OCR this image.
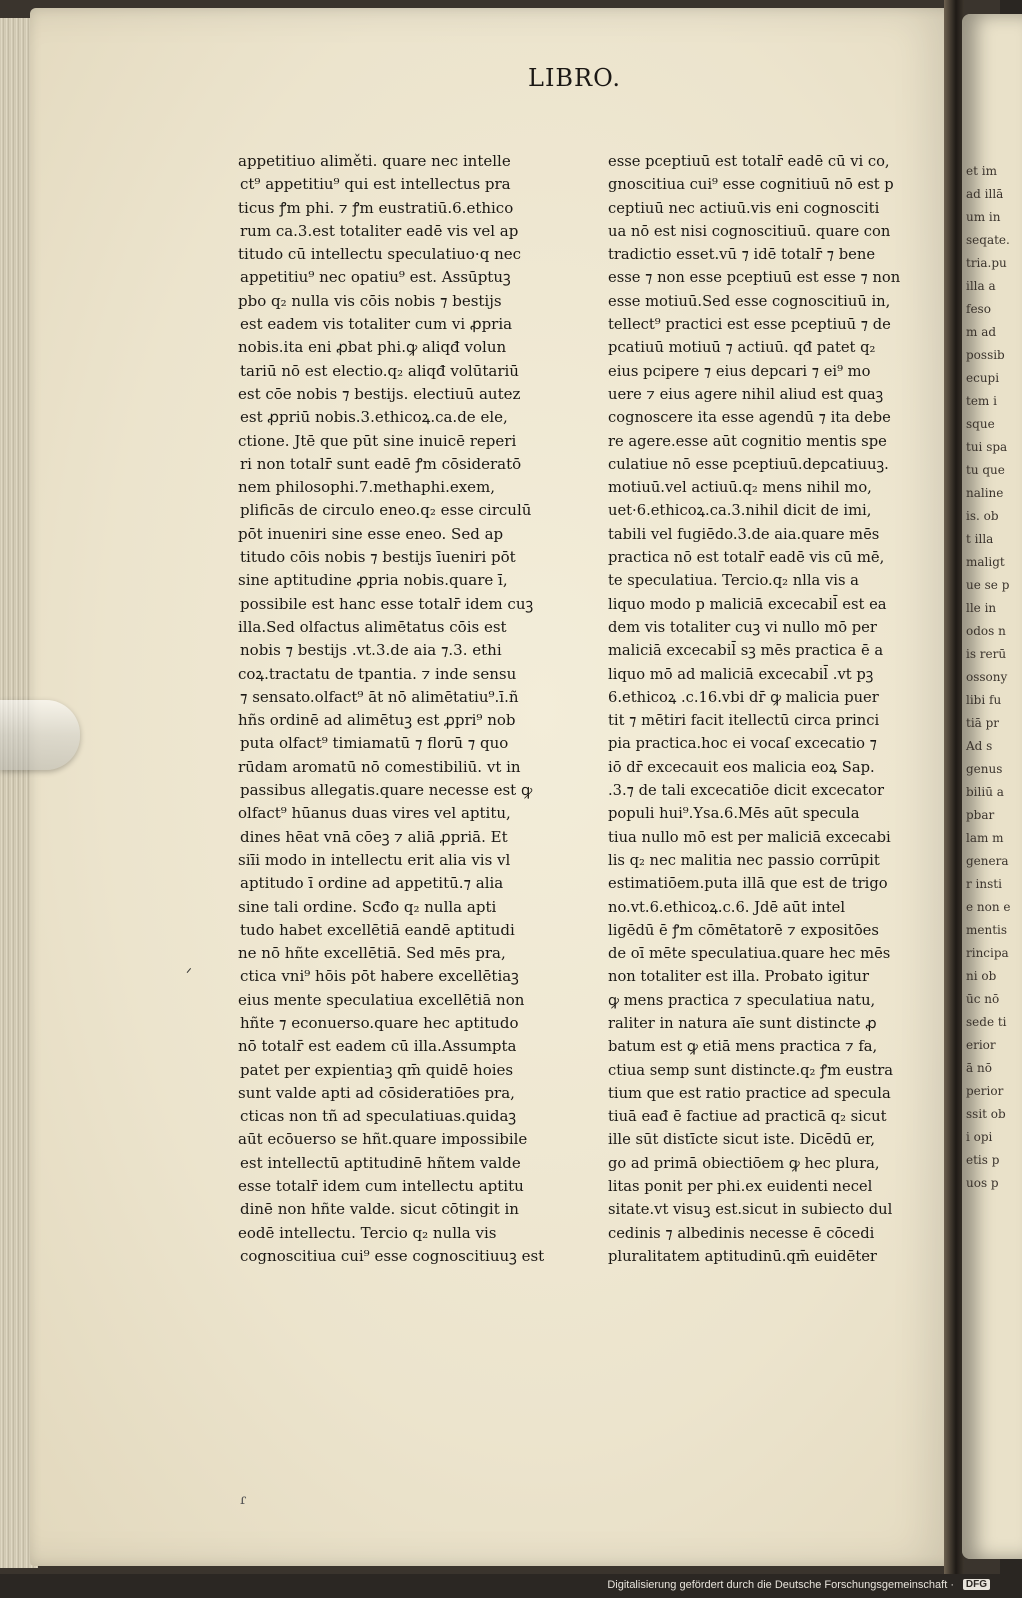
et im
ad illā
um in
seqate.
tria.pu
illa a
feso
m ad
possib
ecupi
tem i
sque
tui spa
tu que
naline
is. ob
t illa
maligt
ue se p
lle in
odos n
is rerū
ossony
libi fu
tiā pr
Ad s
genus
biliū a
pbar
lam m
genera
r insti
e non e
mentis
rincipa
ni ob
ūc nō
sede ti
erior
ā nō
perior
ssit ob
i opi
etis p
uos p
LIBRO.
appetitiuo aliměti. quare nec intelle
ct⁹ appetitiu⁹ qui est intellectus pra
ticus ꝭm phi. ⁊ ꝭm eustratiū.6.ethico
rum ca.3.est totaliter eadē vis vel ap
titudo cū intellectu speculatiuo·q nec
appetitiu⁹ nec opatiu⁹ est. Assūptuꝫ
pbo q₂ nulla vis cōis nobis ⁊ bestijs
est eadem vis totaliter cum vi ꝓpria
nobis.ita eni ꝓbat phi.ꝙ aliqđ volun
tariū nō est electio.q₂ aliqđ volūtariū
est cōe nobis ⁊ bestijs. electiuū autez
est ꝓpriū nobis.3.ethicoꝝ.ca.de ele,
ctione. Jtē que pūt sine inuicē reperi
ri non totalr̄ sunt eadē ꝭm cōsideratō
nem philosophi.7.methaphi.exem,
plificās de circulo eneo.q₂ esse circulū
pōt inueniri sine esse eneo. Sed ap
titudo cōis nobis ⁊ bestijs īueniri pōt
sine aptitudine ꝓpria nobis.quare ī,
possibile est hanc esse totalr̄ idem cuꝫ
illa.Sed olfactus alimētatus cōis est
nobis ⁊ bestijs .vt.3.de aia ⁊.3. ethi
coꝝ.tractatu de tpantia. ⁊ inde sensu
⁊ sensato.olfact⁹ āt nō alimētatiu⁹.ī.ñ
hñs ordinē ad alimētuꝫ est ꝓpri⁹ nob
puta olfact⁹ timiamatū ⁊ florū ⁊ quo
rūdam aromatū nō comestibiliū. vt in
passibus allegatis.quare necesse est ꝙ
olfact⁹ hūanus duas vires vel aptitu,
dines hēat vnā cōeꝫ ⁊ aliā ꝓpriā. Et
siīi modo in intellectu erit alia vis vl
aptitudo ī ordine ad appetitū.⁊ alia
sine tali ordine. Scđo q₂ nulla apti
tudo habet excellētiā eandē aptitudi
ne nō hñte excellētiā. Sed mēs pra,
ctica vni⁹ hōis pōt habere excellētiaꝫ
eius mente speculatiua excellētiā non
hñte ⁊ econuerso.quare hec aptitudo
nō totalr̄ est eadem cū illa.Assumpta
patet per expientiaꝫ qm̄ quidē hoies
sunt valde apti ad cōsideratiōes pra,
cticas non tñ ad speculatiuas.quidaꝫ
aūt ecōuerso se hñt.quare impossibile
est intellectū aptitudinē hñtem valde
esse totalr̄ idem cum intellectu aptitu
dinē non hñte valde. sicut cōtingit in
eodē intellectu. Tercio q₂ nulla vis
cognoscitiua cui⁹ esse cognoscitiuuꝫ est
esse pceptiuū est totalr̄ eadē cū vi co,
gnoscitiua cui⁹ esse cognitiuū nō est p
ceptiuū nec actiuū.vis eni cognosciti
ua nō est nisi cognoscitiuū. quare con
tradictio esset.vū ⁊ idē totalr̄ ⁊ bene
esse ⁊ non esse pceptiuū est esse ⁊ non
esse motiuū.Sed esse cognoscitiuū in,
tellect⁹ practici est esse pceptiuū ⁊ de
pcatiuū motiuū ⁊ actiuū. qđ patet q₂
eius pcipere ⁊ eius depcari ⁊ ei⁹ mo
uere ⁊ eius agere nihil aliud est quaꝫ
cognoscere ita esse agendū ⁊ ita debe
re agere.esse aūt cognitio mentis spe
culatiue nō esse pceptiuū.depcatiuuꝫ.
motiuū.vel actiuū.q₂ mens nihil mo,
uet·6.ethicoꝝ.ca.3.nihil dicit de imi,
tabili vel fugiēdo.3.de aia.quare mēs
practica nō est totalr̄ eadē vis cū mē,
te speculatiua. Tercio.q₂ nlla vis a
liquo modo p maliciā excecabil̄ est ea
dem vis totaliter cuꝫ vi nullo mō per
maliciā excecabil̄ sꝫ mēs practica ē a
liquo mō ad maliciā excecabil̄ .vt pꝫ
6.ethicoꝝ .c.16.vbi dr̄ ꝙ malicia puer
tit ⁊ mētiri facit itellectū circa princi
pia practica.hoc ei vocaſ excecatio ⁊
iō dr̄ excecauit eos malicia eoꝝ Sap.
.3.⁊ de tali excecatiōe dicit excecator
populi hui⁹.Ysa.6.Mēs aūt specula
tiua nullo mō est per maliciā excecabi
lis q₂ nec malitia nec passio corrūpit
estimatiōem.puta illā que est de trigo
no.vt.6.ethicoꝝ.c.6. Jdē aūt intel
ligēdū ē ꝭm cōmētatorē ⁊ expositōes
de oī mēte speculatiua.quare hec mēs
non totaliter est illa. Probato igitur
ꝙ mens practica ⁊ speculatiua natu,
raliter in natura aīe sunt distincte ꝓ
batum est ꝙ etiā mens practica ⁊ fa,
ctiua semp sunt distincte.q₂ ꝭm eustra
tium que est ratio practice ad specula
tiuā eađ ē factiue ad practicā q₂ sicut
ille sūt distīcte sicut iste. Dicēdū er,
go ad primā obiectiōem ꝙ hec plura,
litas ponit per phi.ex euidenti necel
sitate.vt visuꝫ est.sicut in subiecto dul
cedinis ⁊ albedinis necesse ē cōcedi
pluralitatem aptitudinū.qm̄ euidēter
ᐟ
ɾ
Digitalisierung gefördert durch die Deutsche Forschungsgemeinschaft ·	DFG
